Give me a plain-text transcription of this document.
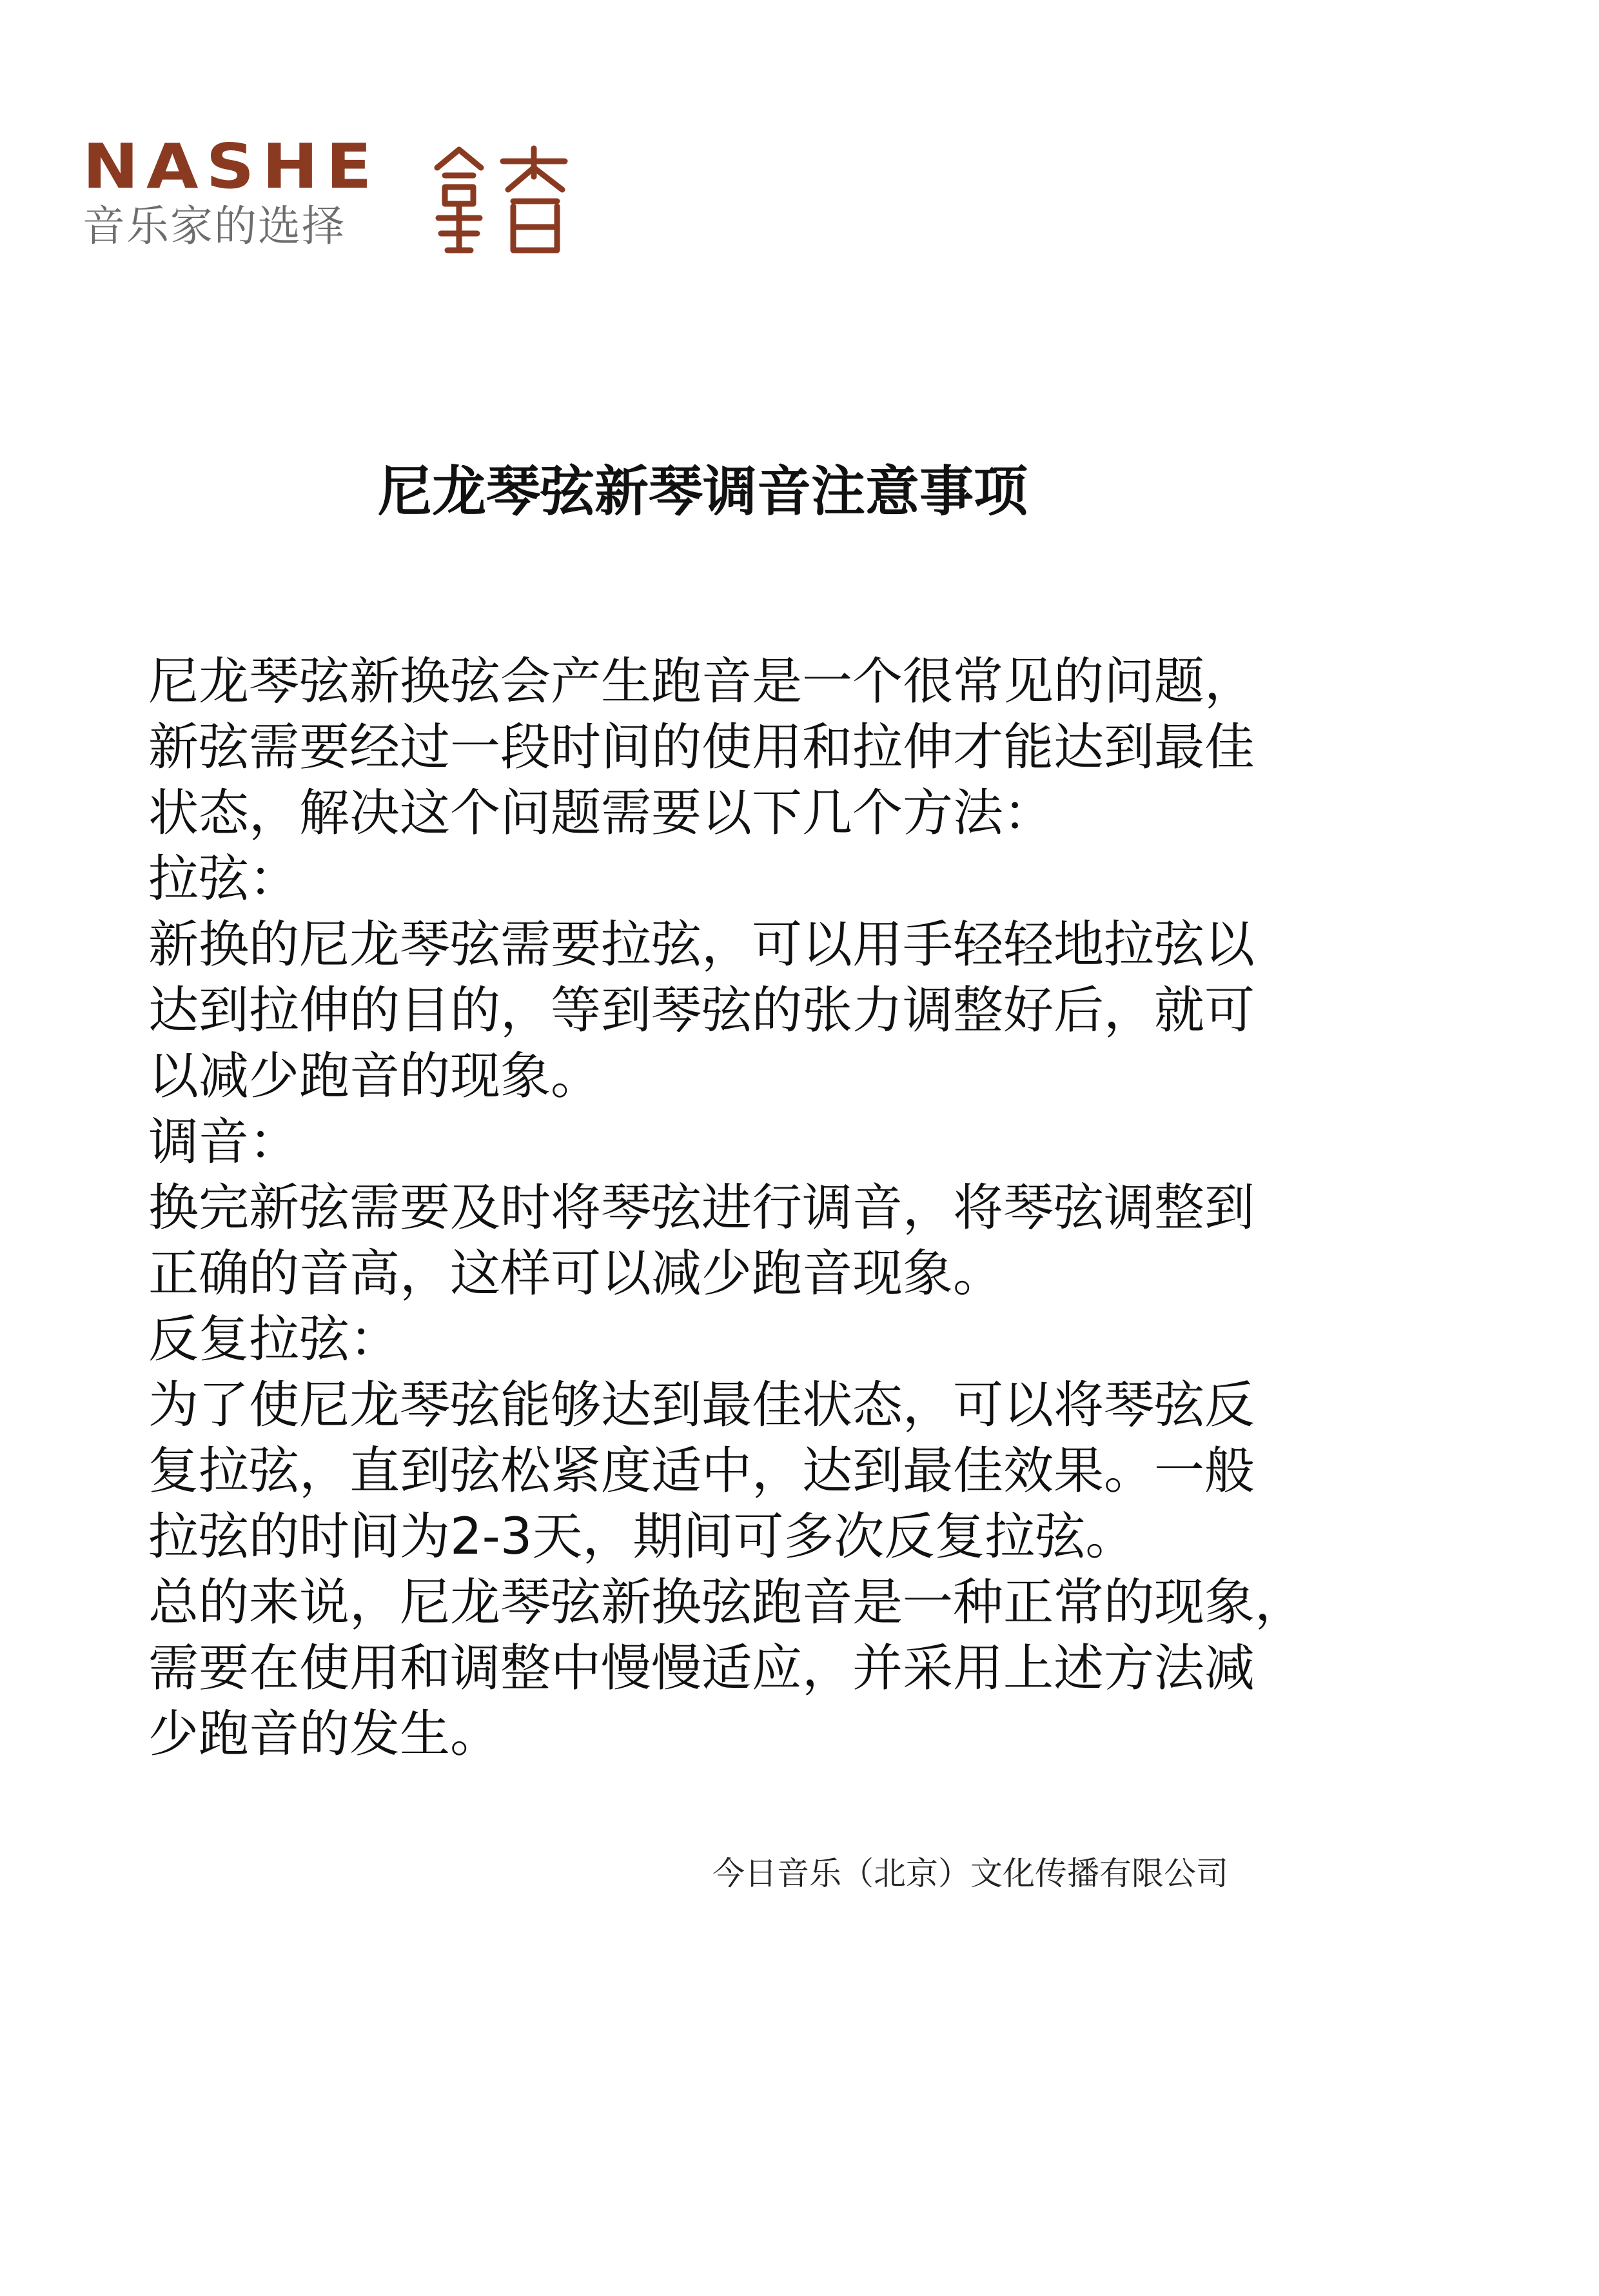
NASHE
音乐家的选择
尼龙琴弦新琴调音注意事项
尼龙琴弦新换弦会产生跑音是一个很常见的问题，
新弦需要经过一段时间的使用和拉伸才能达到最佳
状态，解决这个问题需要以下几个方法：
拉弦：
新换的尼龙琴弦需要拉弦，可以用手轻轻地拉弦以
达到拉伸的目的，等到琴弦的张力调整好后，就可
以减少跑音的现象。
调音：
换完新弦需要及时将琴弦进行调音，将琴弦调整到
正确的音高，这样可以减少跑音现象。
反复拉弦：
为了使尼龙琴弦能够达到最佳状态，可以将琴弦反
复拉弦，直到弦松紧度适中，达到最佳效果。一般
拉弦的时间为2-3天，期间可多次反复拉弦。
总的来说，尼龙琴弦新换弦跑音是一种正常的现象，
需要在使用和调整中慢慢适应，并采用上述方法减
少跑音的发生。
今日音乐（北京）文化传播有限公司
